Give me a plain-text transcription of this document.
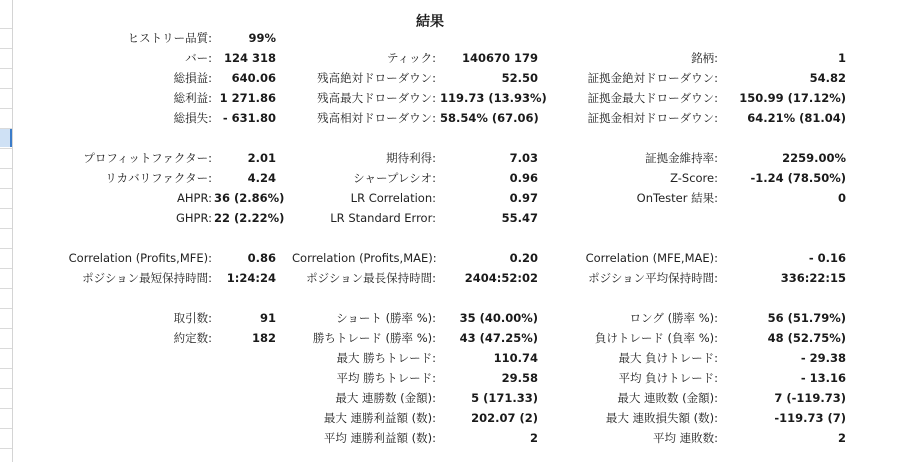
結果
ヒストリー品質:	99%
バー:	124 318	ティック:	140670 179	銘柄:	1
総損益:	640.06	残高絶対ドローダウン:	52.50	証拠金絶対ドローダウン:	54.82
総利益: 1 271.86	残高最大ドローダウン: 119.73 (13.93%)	証拠金最大ドローダウン:	150.99 (17.12%)
総損失: - 631.80	残高相対ドローダウン: 58.54% (67.06)	証拠金相対ドローダウン:	64.21% (81.04)
プロフィットファクター:	2.01	期待利得:	7.03	証拠金維持率:	2259.00%
リカバリファクター:	4.24	シャープレシオ:	0.96	Z-Score:	-1.24 (78.50%)
AHPR: 36 (2.86%)	LR Correlation:	0.97	OnTester 結果:	0
GHPR: 22 (2.22%)	LR Standard Error:	55.47
Correlation (Profits,MFE):	0.86 Correlation (Profits,MAE):	0.20	Correlation (MFE,MAE):	- 0.16
ポジション最短保持時間:	1:24:24	ポジション最長保持時間:	2404:52:02	ポジション平均保持時間:	336:22:15
取引数:	91	ショート (勝率 %):	35 (40.00%)	ロング (勝率 %):	56 (51.79%)
約定数:	182	勝ちトレード (勝率 %):	43 (47.25%)	負けトレード (負率 %):	48 (52.75%)
最大 勝ちトレード:	110.74	最大 負けトレード:	- 29.38
平均 勝ちトレード:	29.58	平均 負けトレード:	- 13.16
最大 連勝数 (金額):	5 (171.33)	最大 連敗数 (金額):	7 (-119.73)
最大 連勝利益額 (数):	202.07 (2)	最大 連敗損失額 (数):	-119.73 (7)
平均 連勝利益額 (数):	2	平均 連敗数:	2
